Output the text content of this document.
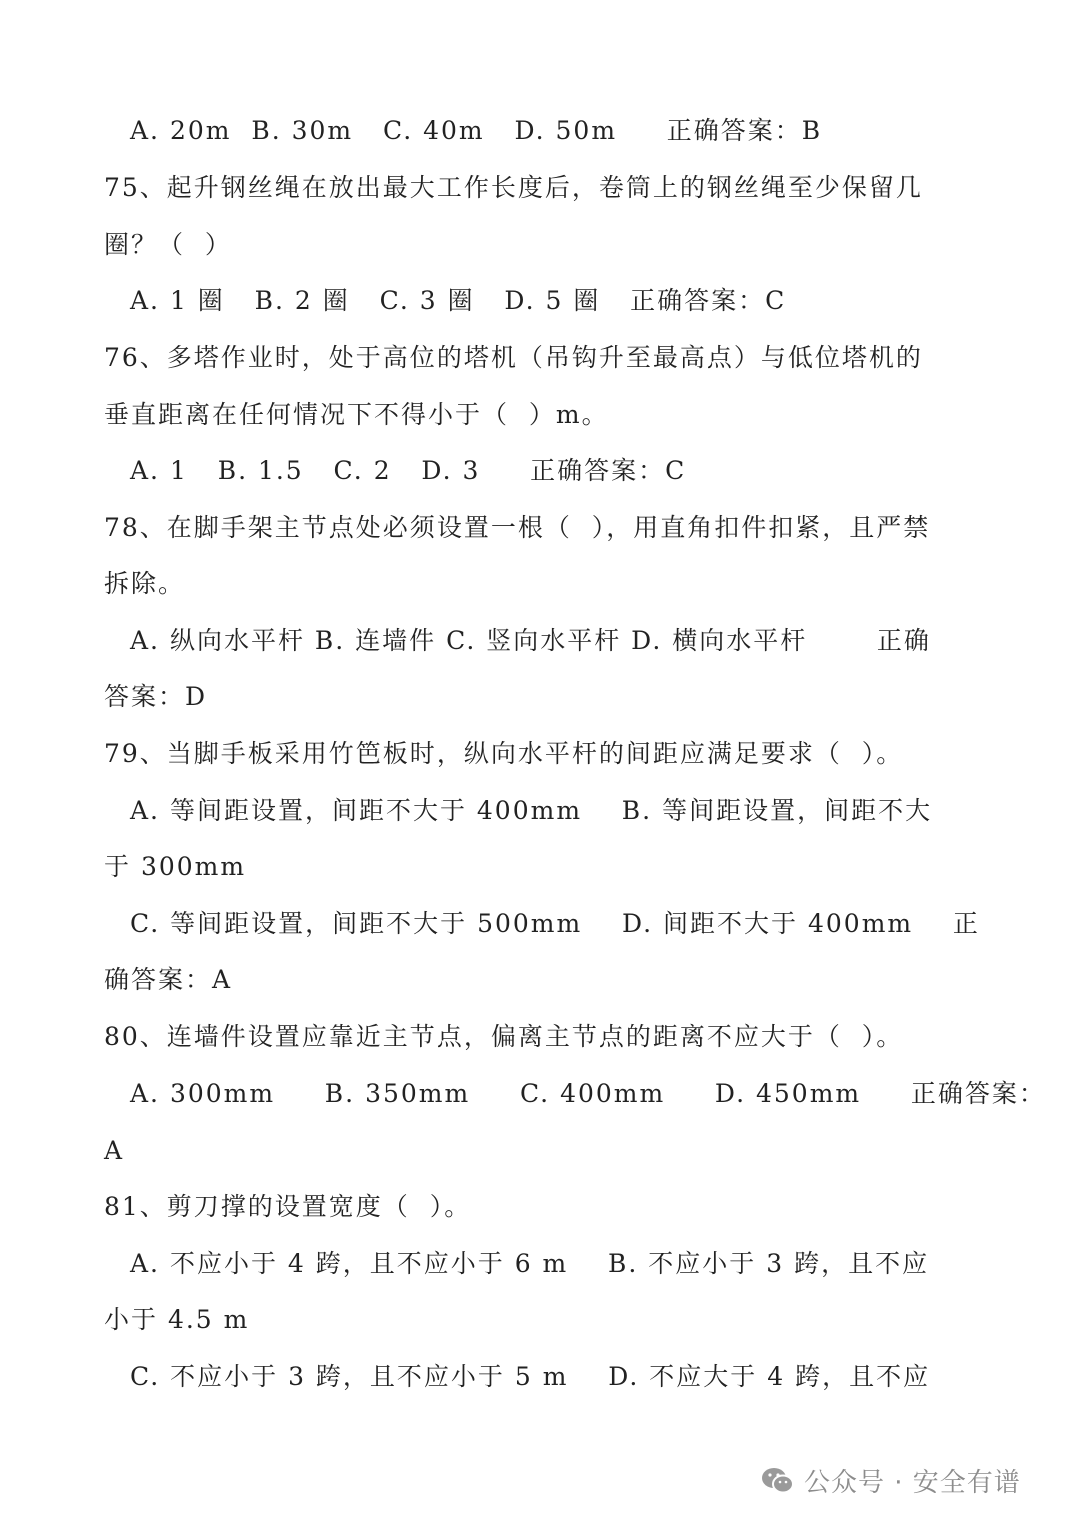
A. 20m  B. 30m   C. 40m   D. 50m     正确答案：B
75、起升钢丝绳在放出最大工作长度后，卷筒上的钢丝绳至少保留几
圈？（  ）
A. 1 圈   B. 2 圈   C. 3 圈   D. 5 圈   正确答案：C
76、多塔作业时，处于高位的塔机（吊钩升至最高点）与低位塔机的
垂直距离在任何情况下不得小于（  ）m。
A. 1   B. 1.5   C. 2   D. 3     正确答案：C
78、在脚手架主节点处必须设置一根（  ），用直角扣件扣紧，且严禁
拆除。
A. 纵向水平杆 B. 连墙件 C. 竖向水平杆 D. 横向水平杆       正确
答案：D
79、当脚手板采用竹笆板时，纵向水平杆的间距应满足要求（  ）。
A. 等间距设置，间距不大于 400mm    B. 等间距设置，间距不大
于 300mm
C. 等间距设置，间距不大于 500mm    D. 间距不大于 400mm    正
确答案：A
80、连墙件设置应靠近主节点，偏离主节点的距离不应大于（  ）。
A. 300mm     B. 350mm     C. 400mm     D. 450mm     正确答案：
A
81、剪刀撑的设置宽度（  ）。
A. 不应小于 4 跨，且不应小于 6 m    B. 不应小于 3 跨，且不应
小于 4.5 m
C. 不应小于 3 跨，且不应小于 5 m    D. 不应大于 4 跨，且不应
公众号 · 安全有谱
